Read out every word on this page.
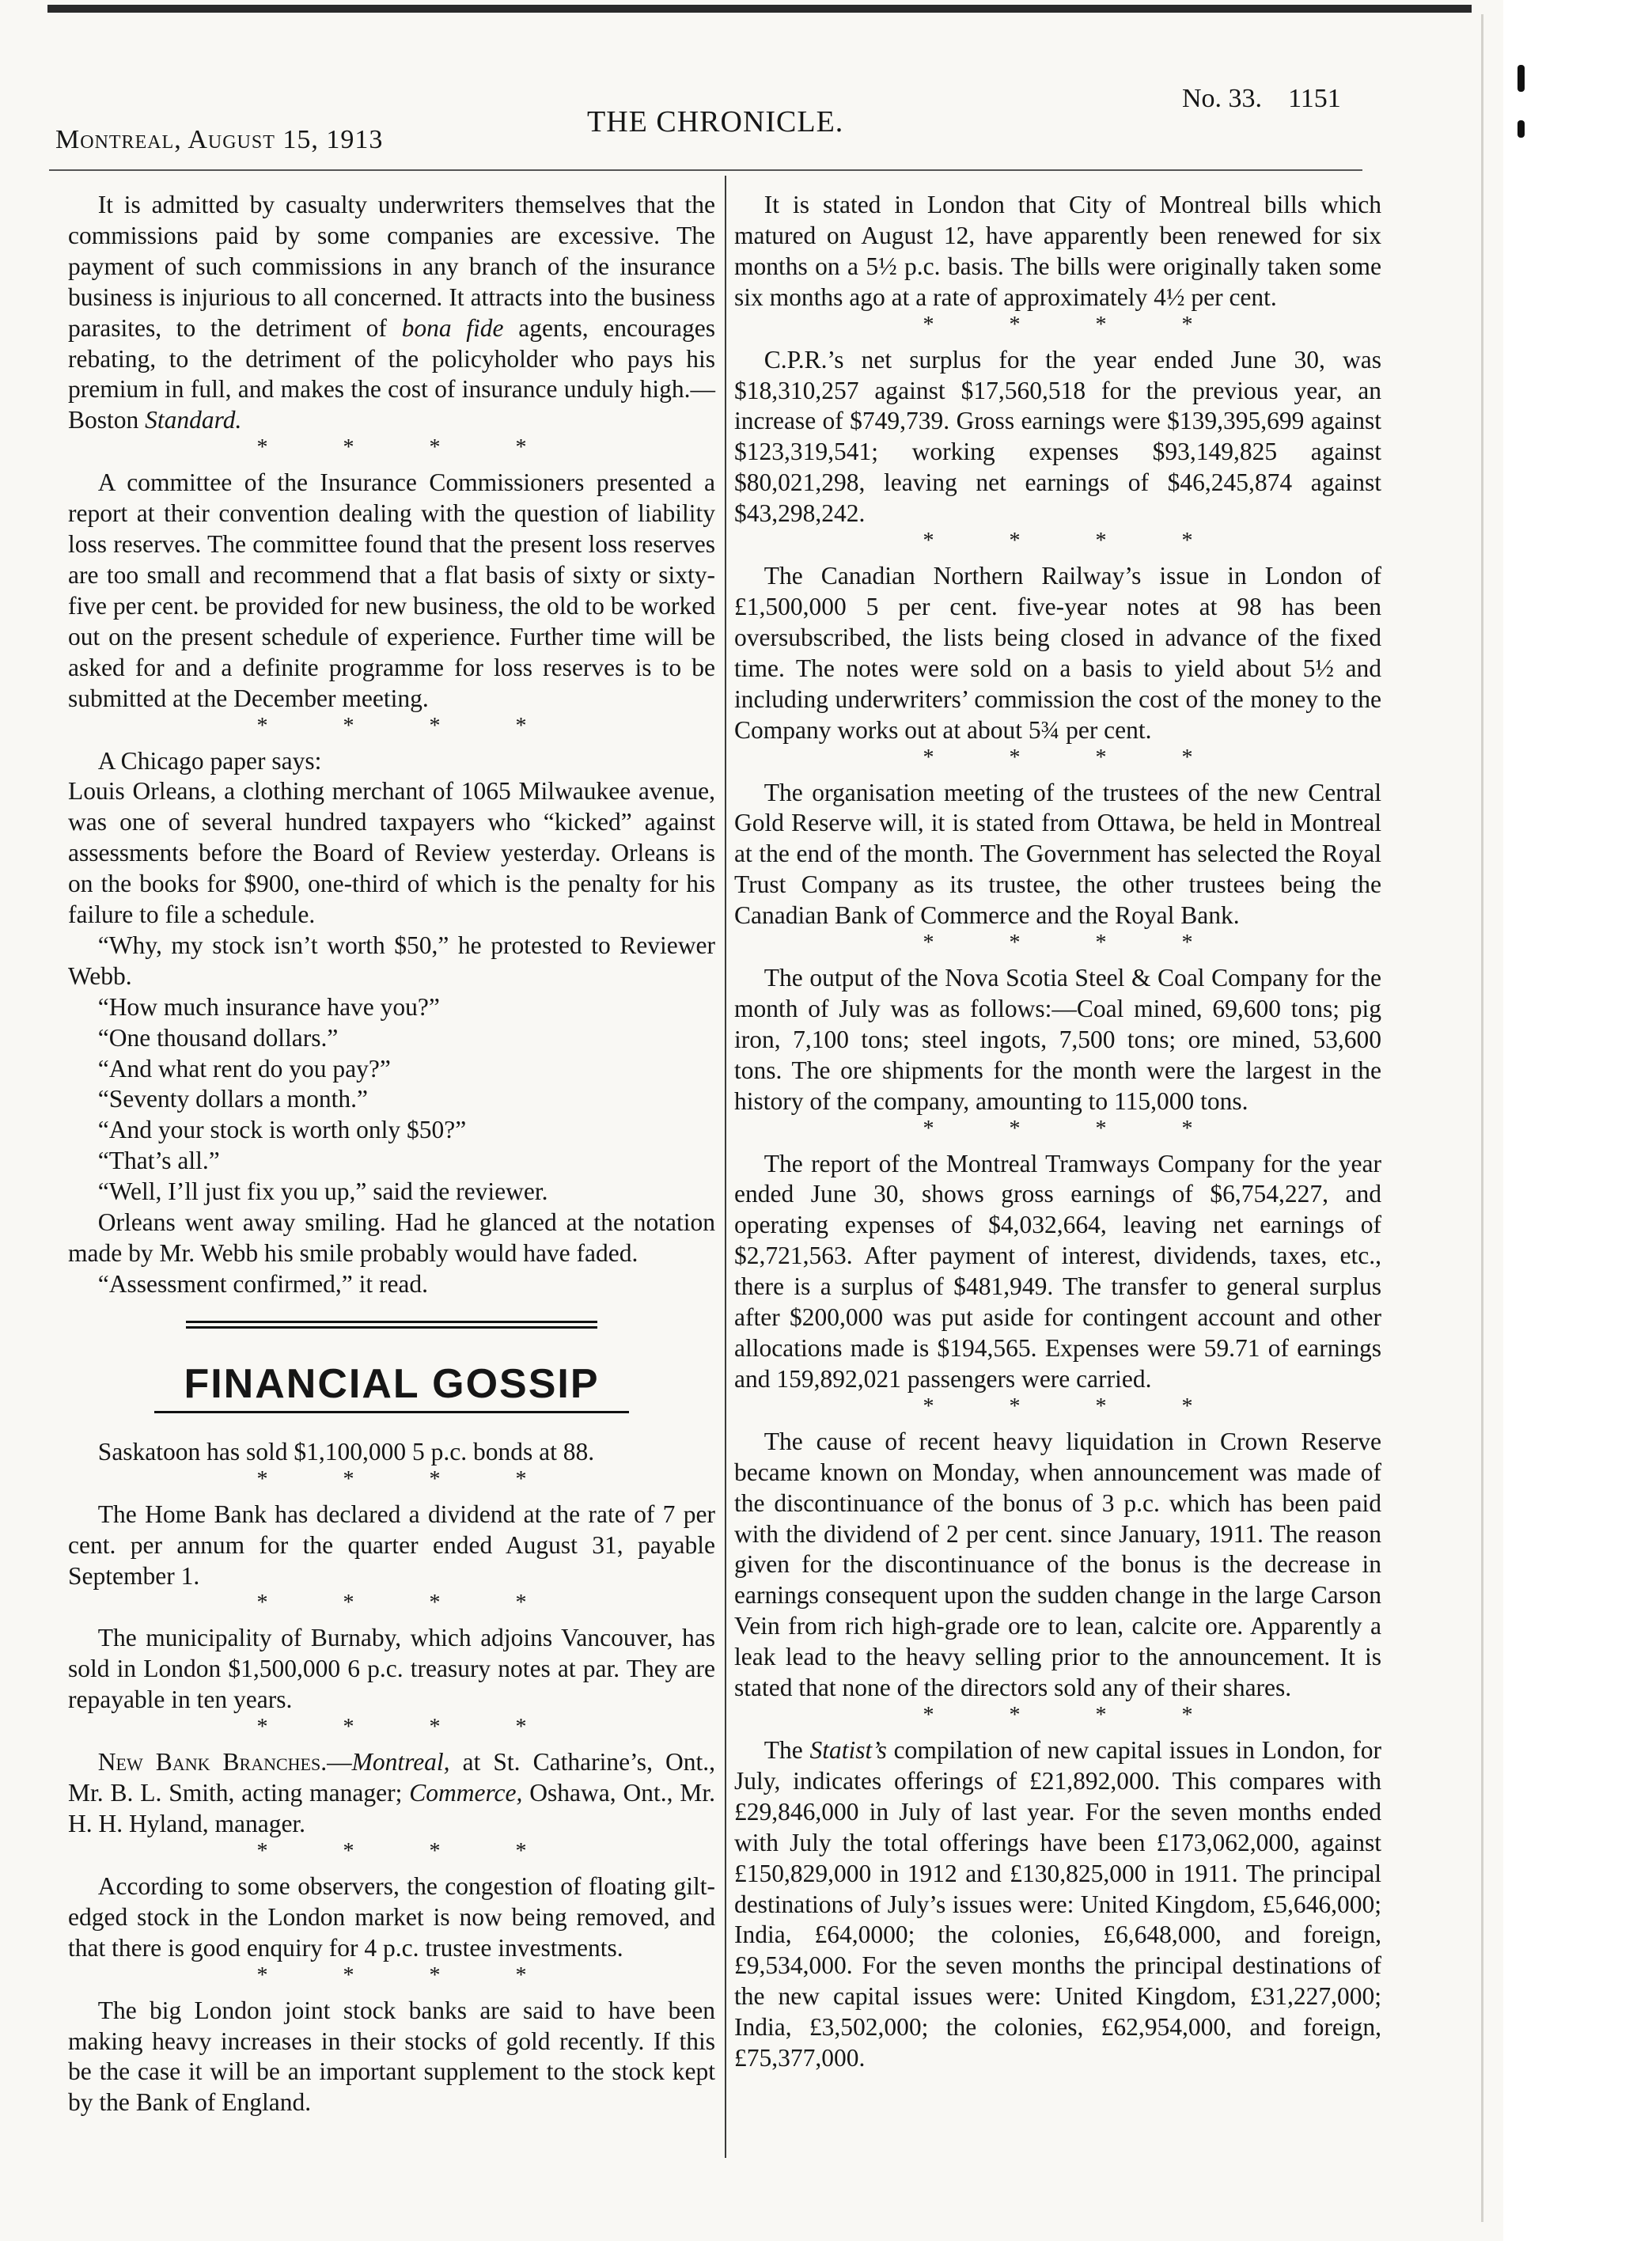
Montreal, August 15, 1913
THE CHRONICLE.
No. 33. 1151

It is admitted by casualty underwriters themselves that the commissions paid by some companies are excessive. The payment of such commissions in any branch of the insurance business is injurious to all concerned. It attracts into the business parasites, to the detriment of bona fide agents, encourages rebating, to the detriment of the policyholder who pays his premium in full, and makes the cost of insurance unduly high.—Boston Standard.

* * * *

A committee of the Insurance Commissioners presented a report at their convention dealing with the question of liability loss reserves. The committee found that the present loss reserves are too small and recommend that a flat basis of sixty or sixty-five per cent. be provided for new business, the old to be worked out on the present schedule of experience. Further time will be asked for and a definite programme for loss reserves is to be submitted at the December meeting.

* * * *

A Chicago paper says:

Louis Orleans, a clothing merchant of 1065 Milwaukee avenue, was one of several hundred taxpayers who “kicked” against assessments before the Board of Review yesterday. Orleans is on the books for $900, one-third of which is the penalty for his failure to file a schedule.

“Why, my stock isn’t worth $50,” he protested to Reviewer Webb.

“How much insurance have you?”

“One thousand dollars.”

“And what rent do you pay?”

“Seventy dollars a month.”

“And your stock is worth only $50?”

“That’s all.”

“Well, I’ll just fix you up,” said the reviewer.

Orleans went away smiling. Had he glanced at the notation made by Mr. Webb his smile probably would have faded.

“Assessment confirmed,” it read.

FINANCIAL GOSSIP

Saskatoon has sold $1,100,000 5 p.c. bonds at 88.

* * * *

The Home Bank has declared a dividend at the rate of 7 per cent. per annum for the quarter ended August 31, payable September 1.

* * * *

The municipality of Burnaby, which adjoins Vancouver, has sold in London $1,500,000 6 p.c. treasury notes at par. They are repayable in ten years.

* * * *

New Bank Branches.—Montreal, at St. Catharine’s, Ont., Mr. B. L. Smith, acting manager; Commerce, Oshawa, Ont., Mr. H. H. Hyland, manager.

* * * *

According to some observers, the congestion of floating gilt-edged stock in the London market is now being removed, and that there is good enquiry for 4 p.c. trustee investments.

* * * *

The big London joint stock banks are said to have been making heavy increases in their stocks of gold recently. If this be the case it will be an important supplement to the stock kept by the Bank of England.

It is stated in London that City of Montreal bills which matured on August 12, have apparently been renewed for six months on a 5½ p.c. basis. The bills were originally taken some six months ago at a rate of approximately 4½ per cent.

* * * *

C.P.R.’s net surplus for the year ended June 30, was $18,310,257 against $17,560,518 for the previous year, an increase of $749,739. Gross earnings were $139,395,699 against $123,319,541; working expenses $93,149,825 against $80,021,298, leaving net earnings of $46,245,874 against $43,298,242.

* * * *

The Canadian Northern Railway’s issue in London of £1,500,000 5 per cent. five-year notes at 98 has been oversubscribed, the lists being closed in advance of the fixed time. The notes were sold on a basis to yield about 5½ and including underwriters’ commission the cost of the money to the Company works out at about 5¾ per cent.

* * * *

The organisation meeting of the trustees of the new Central Gold Reserve will, it is stated from Ottawa, be held in Montreal at the end of the month. The Government has selected the Royal Trust Company as its trustee, the other trustees being the Canadian Bank of Commerce and the Royal Bank.

* * * *

The output of the Nova Scotia Steel & Coal Company for the month of July was as follows:—Coal mined, 69,600 tons; pig iron, 7,100 tons; steel ingots, 7,500 tons; ore mined, 53,600 tons. The ore shipments for the month were the largest in the history of the company, amounting to 115,000 tons.

* * * *

The report of the Montreal Tramways Company for the year ended June 30, shows gross earnings of $6,754,227, and operating expenses of $4,032,664, leaving net earnings of $2,721,563. After payment of interest, dividends, taxes, etc., there is a surplus of $481,949. The transfer to general surplus after $200,000 was put aside for contingent account and other allocations made is $194,565. Expenses were 59.71 of earnings and 159,892,021 passengers were carried.

* * * *

The cause of recent heavy liquidation in Crown Reserve became known on Monday, when announcement was made of the discontinuance of the bonus of 3 p.c. which has been paid with the dividend of 2 per cent. since January, 1911. The reason given for the discontinuance of the bonus is the decrease in earnings consequent upon the sudden change in the large Carson Vein from rich high-grade ore to lean, calcite ore. Apparently a leak lead to the heavy selling prior to the announcement. It is stated that none of the directors sold any of their shares.

* * * *

The Statist’s compilation of new capital issues in London, for July, indicates offerings of £21,892,000. This compares with £29,846,000 in July of last year. For the seven months ended with July the total offerings have been £173,062,000, against £150,829,000 in 1912 and £130,825,000 in 1911. The principal destinations of July’s issues were: United Kingdom, £5,646,000; India, £64,0000; the colonies, £6,648,000, and foreign, £9,534,000. For the seven months the principal destinations of the new capital issues were: United Kingdom, £31,227,000; India, £3,502,000; the colonies, £62,954,000, and foreign, £75,377,000.
